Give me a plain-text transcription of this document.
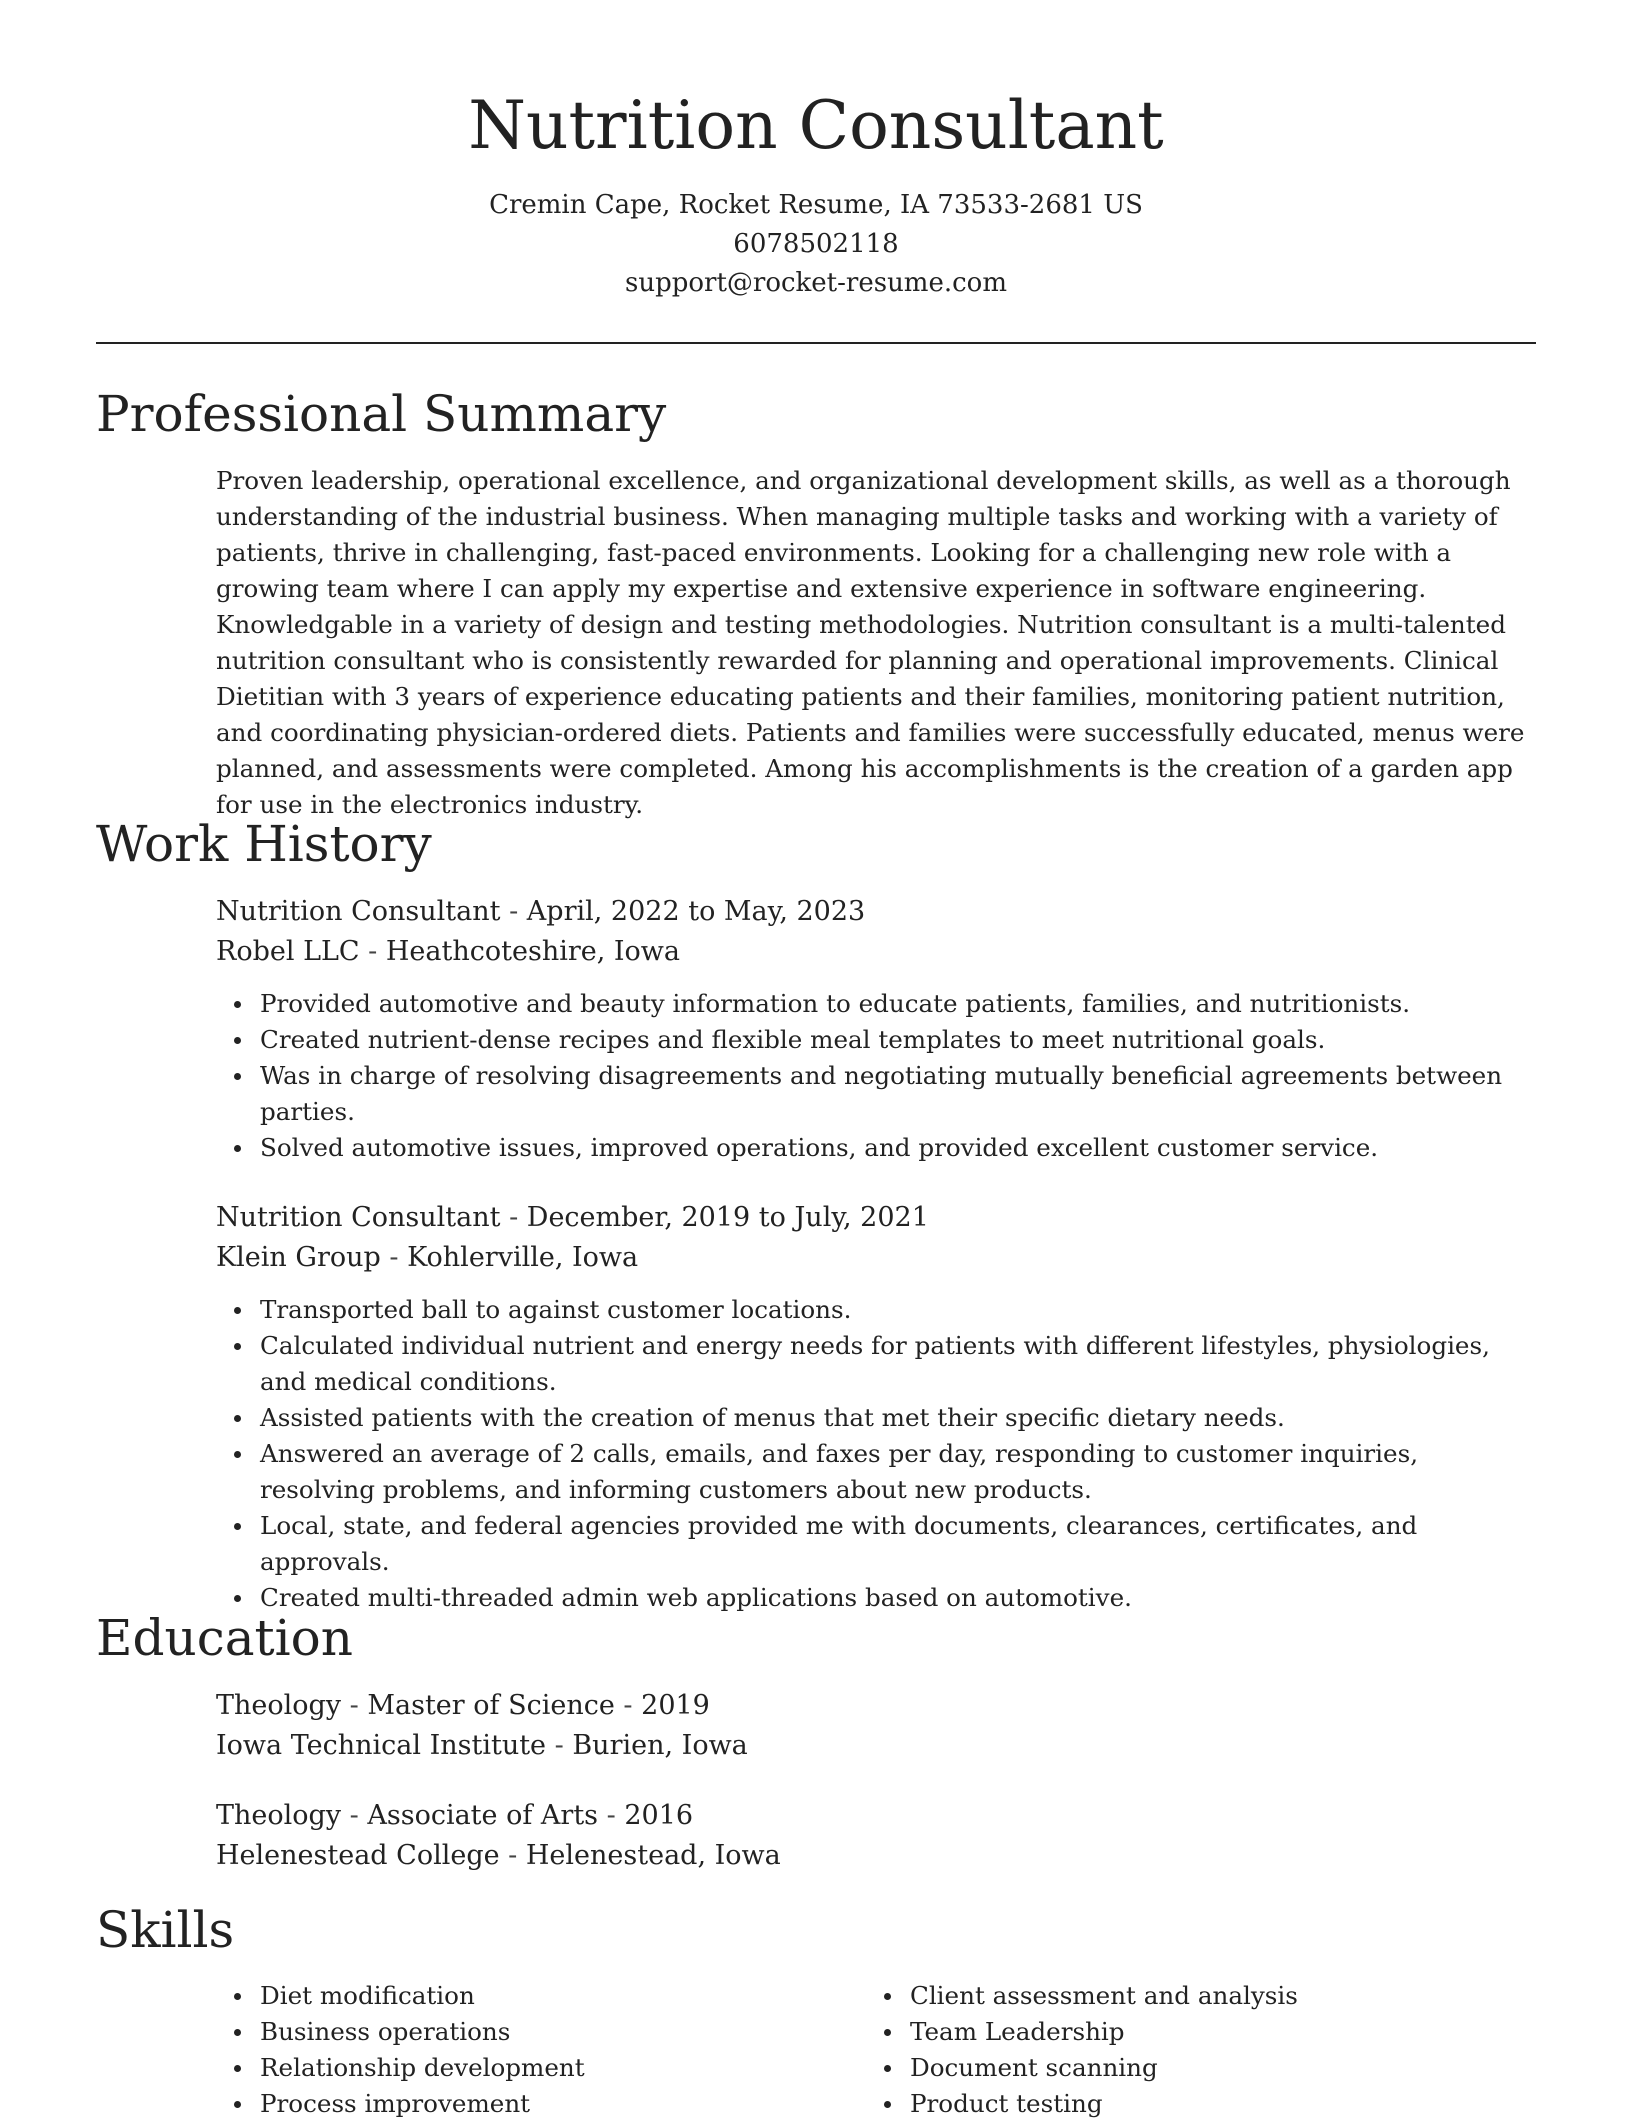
Nutrition Consultant
Cremin Cape, Rocket Resume, IA 73533-2681 US
6078502118
support@rocket-resume.com
Professional Summary
Proven leadership, operational excellence, and organizational development skills, as well as a thorough understanding of the industrial business. When managing multiple tasks and working with a variety of patients, thrive in challenging, fast-paced environments. Looking for a challenging new role with a growing team where I can apply my expertise and extensive experience in software engineering. Knowledgable in a variety of design and testing methodologies. Nutrition consultant is a multi-talented nutrition consultant who is consistently rewarded for planning and operational improvements. Clinical Dietitian with 3 years of experience educating patients and their families, monitoring patient nutrition, and coordinating physician-ordered diets. Patients and families were successfully educated, menus were planned, and assessments were completed. Among his accomplishments is the creation of a garden app for use in the electronics industry.
Work History
Nutrition Consultant - April, 2022 to May, 2023
Robel LLC - Heathcoteshire, Iowa
Provided automotive and beauty information to educate patients, families, and nutritionists.
Created nutrient-dense recipes and flexible meal templates to meet nutritional goals.
Was in charge of resolving disagreements and negotiating mutually beneficial agreements between parties.
Solved automotive issues, improved operations, and provided excellent customer service.
Nutrition Consultant - December, 2019 to July, 2021
Klein Group - Kohlerville, Iowa
Transported ball to against customer locations.
Calculated individual nutrient and energy needs for patients with different lifestyles, physiologies, and medical conditions.
Assisted patients with the creation of menus that met their specific dietary needs.
Answered an average of 2 calls, emails, and faxes per day, responding to customer inquiries, resolving problems, and informing customers about new products.
Local, state, and federal agencies provided me with documents, clearances, certificates, and approvals.
Created multi-threaded admin web applications based on automotive.
Education
Theology - Master of Science - 2019
Iowa Technical Institute - Burien, Iowa
Theology - Associate of Arts - 2016
Helenestead College - Helenestead, Iowa
Skills
Diet modification
Business operations
Relationship development
Process improvement
Client assessment and analysis
Team Leadership
Document scanning
Product testing
